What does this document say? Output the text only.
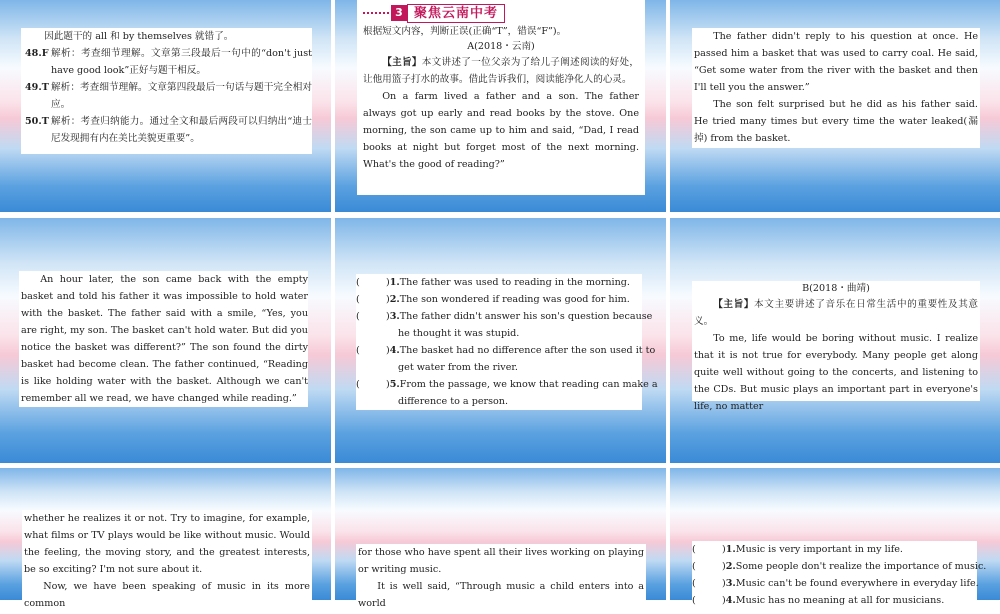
因此题干的 all 和 by themselves 就错了。

48.F 解析：考查细节理解。文章第三段最后一句中的“don't just have good look”正好与题干相反。
49.T 解析：考查细节理解。文章第四段最后一句话与题干完全相对应。
50.T 解析：考查归纳能力。通过全文和最后两段可以归纳出“迪士尼发现拥有内在美比美貌更重要”。
3 聚焦云南中考

根据短文内容，判断正误(正确“T”，错误“F”)。

A(2018・云南)

【主旨】本文讲述了一位父亲为了给儿子阐述阅读的好处，让他用篮子打水的故事。借此告诉我们，阅读能净化人的心灵。

On a farm lived a father and a son. The father always got up early and read books by the stove. One morning, the son came up to him and said, “Dad, I read books at night but forget most of the next morning. What's the good of reading?”

The father didn't reply to his question at once. He passed him a basket that was used to carry coal. He said, “Get some water from the river with the basket and then I'll tell you the answer.”

The son felt surprised but he did as his father said. He tried many times but every time the water leaked(漏掉) from the basket.

An hour later, the son came back with the empty basket and told his father it was impossible to hold water with the basket. The father said with a smile, “Yes, you are right, my son. The basket can't hold water. But did you notice the basket was different?” The son found the dirty basket had become clean. The father continued, “Reading is like holding water with the basket. Although we can't remember all we read, we have changed while reading.”

(	) 1. The father was used to reading in the morning.
(	) 2. The son wondered if reading was good for him.
(	) 3. The father didn't answer his son's question because
he thought it was stupid.
(	) 4. The basket had no difference after the son used it to
get water from the river.
(	) 5. From the passage, we know that reading can make a
difference to a person.

B(2018・曲靖)

【主旨】本文主要讲述了音乐在日常生活中的重要性及其意义。

To me, life would be boring without music. I realize that it is not true for everybody. Many people get along quite well without going to the concerts, and listening to the CDs. But music plays an important part in everyone's life, no matter

whether he realizes it or not. Try to imagine, for example, what films or TV plays would be like without music. Would the feeling, the moving story, and the greatest interests, be so exciting? I'm not sure about it.

Now, we have been speaking of music in its more common

for those who have spent all their lives working on playing or writing music.

It is well said, “Through music a child enters into a world

(	) 1. Music is very important in my life.
(	) 2. Some people don't realize the importance of music.
(	) 3. Music can't be found everywhere in everyday life.
(	) 4. Music has no meaning at all for musicians.
